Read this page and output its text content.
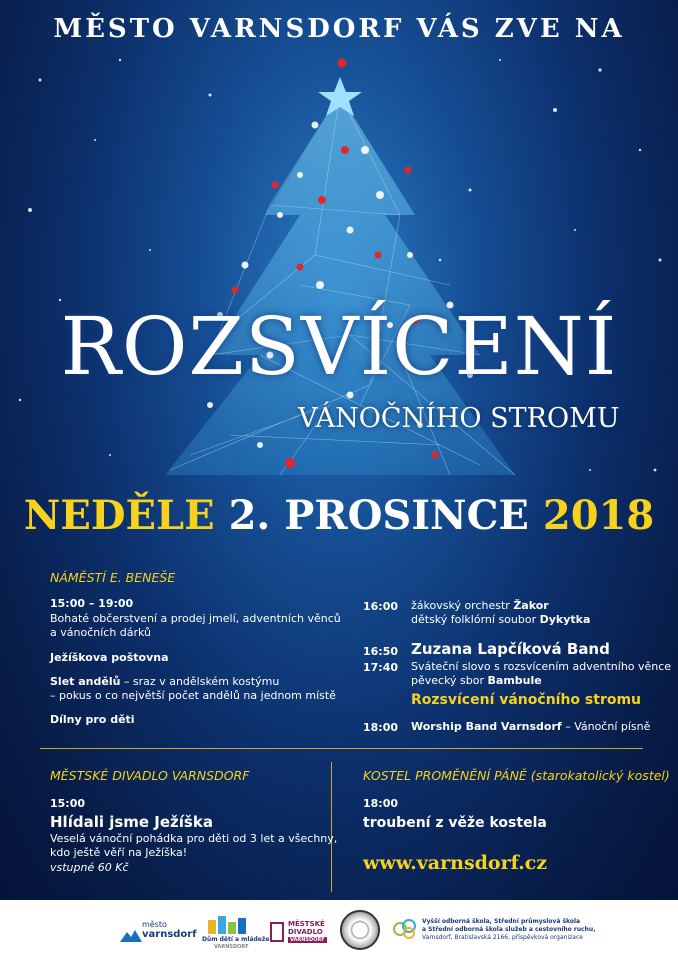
MĚSTO VARNSDORF VÁS ZVE NA
ROZSVÍCENÍ
VÁNOČNÍHO STROMU
NEDĚLE 2. PROSINCE 2018
NÁMĚSTÍ E. BENEŠE
15:00 – 19:00
Bohaté občerstvení a prodej jmelí, adventních věnců
a vánočních dárků
Ježíškova poštovna
Slet andělů – sraz v andělském kostýmu
– pokus o co největší počet andělů na jednom místě
Dílny pro děti
16:00 žákovský orchestr Žakor
dětský folklórní soubor Dykytka
16:50 Zuzana Lapčíková Band
17:40 Sváteční slovo s rozsvícením adventního věnce
pěvecký sbor Bambule
Rozsvícení vánočního stromu
18:00 Worship Band Varnsdorf – Vánoční písně
MĚSTSKÉ DIVADLO VARNSDORF
15:00
Hlídali jsme Ježíška
Veselá vánoční pohádka pro děti od 3 let a všechny,
kdo ještě věří na Ježíška!
vstupné 60 Kč
KOSTEL PROMĚNĚNÍ PÁNĚ (starokatolický kostel)
18:00
troubení z věže kostela
www.varnsdorf.cz
město
varnsdorf Dům dětí a mládeže
VARNSDORF
MĚSTSKÉ
DIVADLO
VARNSDORF
Vyšší odborná škola, Střední průmyslová škola
a Střední odborná škola služeb a cestovního ruchu,
Varnsdorf, Bratislavská 2166, příspěvková organizace
